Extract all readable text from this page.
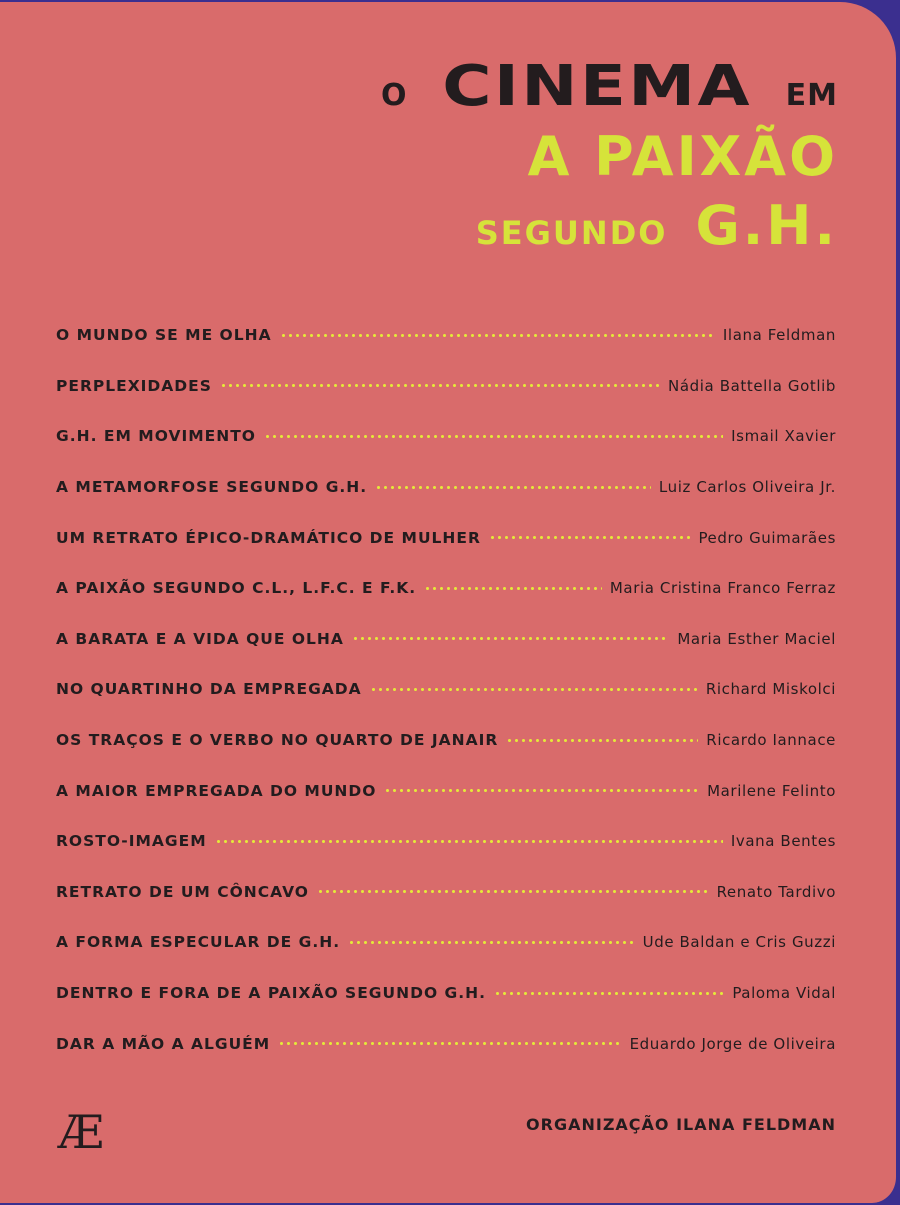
O CINEMA	EM
A PAIXÃO
SEGUNDO G.H.
O MUNDO SE ME OLHA	Ilana Feldman
PERPLEXIDADES	Nádia Battella Gotlib
G.H. EM MOVIMENTO	Ismail Xavier
A METAMORFOSE SEGUNDO G.H.	Luiz Carlos Oliveira Jr.
UM RETRATO ÉPICO-DRAMÁTICO DE MULHER	Pedro Guimarães
A PAIXÃO SEGUNDO C.L., L.F.C. E F.K.	Maria Cristina Franco Ferraz
A BARATA E A VIDA QUE OLHA	Maria Esther Maciel
NO QUARTINHO DA EMPREGADA	Richard Miskolci
OS TRAÇOS E O VERBO NO QUARTO DE JANAIR	Ricardo Iannace
A MAIOR EMPREGADA DO MUNDO	Marilene Felinto
ROSTO-IMAGEM	Ivana Bentes
RETRATO DE UM CÔNCAVO	Renato Tardivo
A FORMA ESPECULAR DE G.H.	Ude Baldan e Cris Guzzi
DENTRO E FORA DE A PAIXÃO SEGUNDO G.H.	Paloma Vidal
DAR A MÃO A ALGUÉM	Eduardo Jorge de Oliveira
Æ	ORGANIZAÇÃO ILANA FELDMAN
